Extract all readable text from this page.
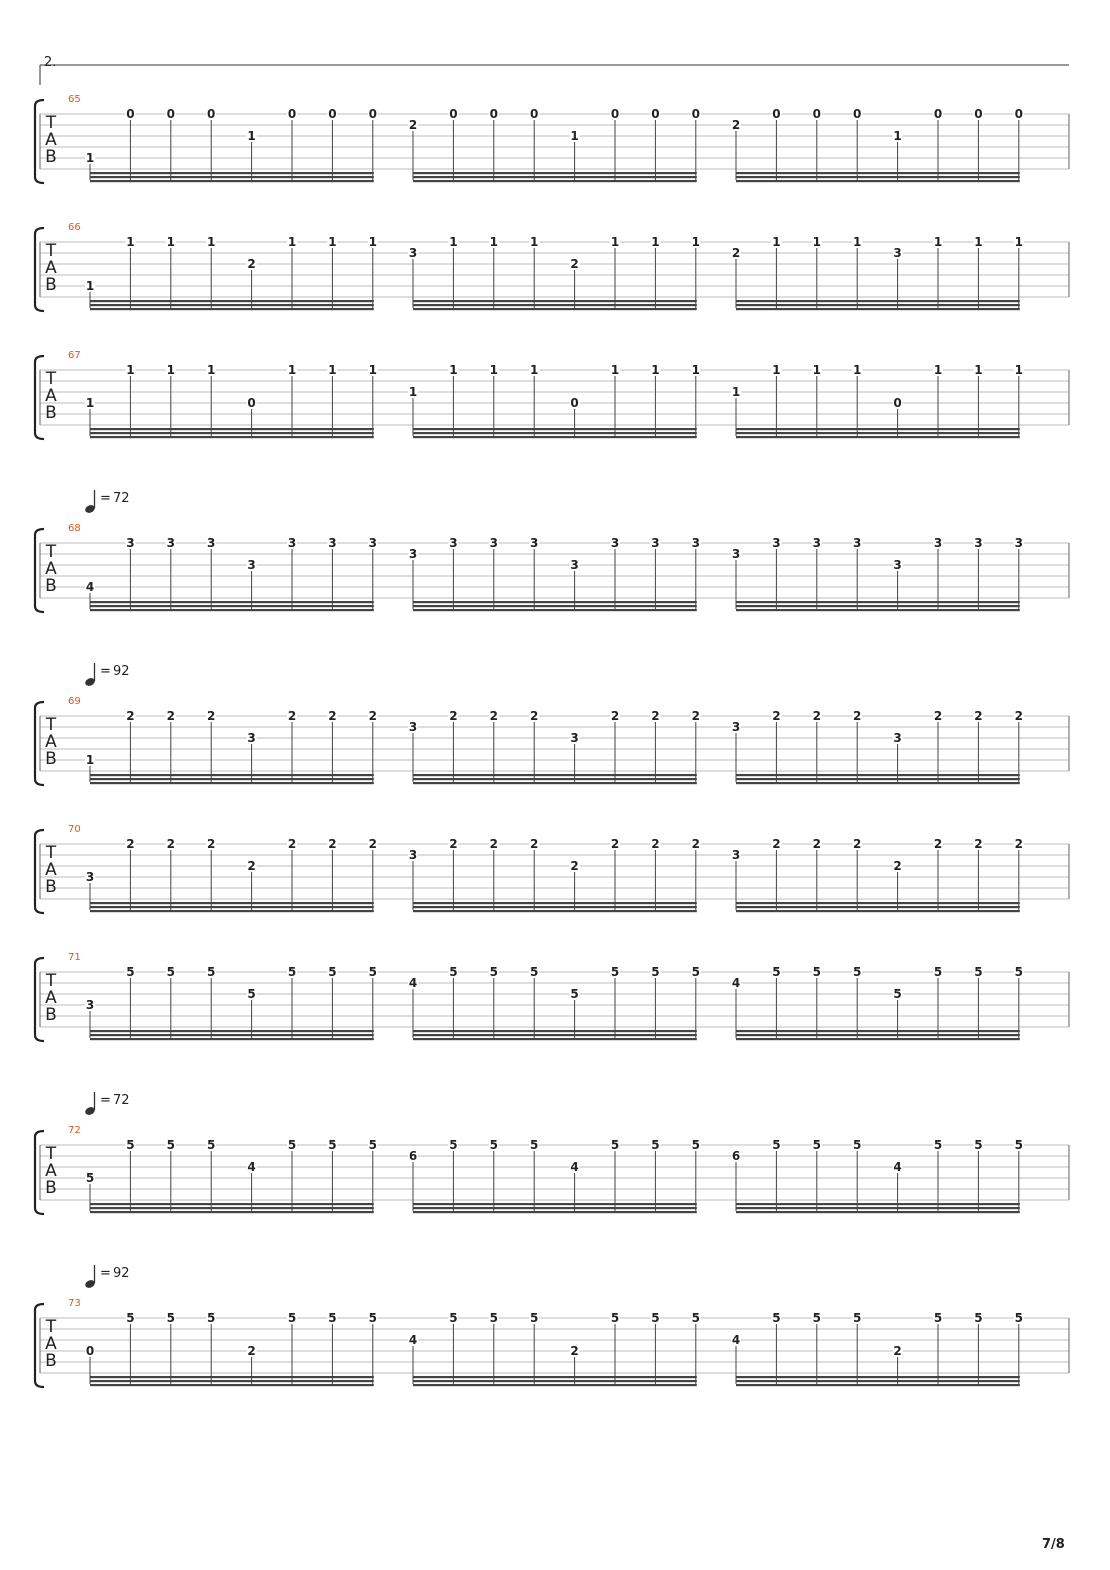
2.
65
T
A
B 1
0	0	0
1
0	0	0
2
0	0	0
1
0	0	0
2
0	0	0
1
0	0	0
66
T
A
B 1
1	1	1
2
1	1	1
3
1	1	1
2
1	1	1
2
1	1	1
3
1	1	1
67
T
A
B 1
1	1	1
0
1	1	1
1
1	1	1
0
1	1	1
1
1	1	1
0
1	1	1
= 72
68
T
A
B 4
3	3	3
3
3	3	3
3
3	3	3
3
3	3	3
3
3	3	3
3
3	3	3
= 92
69
T
A
B 1
2	2	2
3
2	2	2
3
2	2	2
3
2	2	2
3
2	2	2
3
2	2	2
70
T
A
B 3
2	2	2
2
2	2	2
3
2	2	2
2
2	2	2
3
2	2	2
2
2	2	2
71
T
A
B 3
5	5	5
5
5	5	5
4
5	5	5
5
5	5	5
4
5	5	5
5
5	5	5
= 72
72
T
A
B 5
5	5	5
4
5	5	5
6
5	5	5
4
5	5	5
6
5	5	5
4
5	5	5
= 92
73
T
A
B 0
5	5	5
2
5	5	5
4
5	5	5
2
5	5	5
4
5	5	5
2
5	5	5
7/8
